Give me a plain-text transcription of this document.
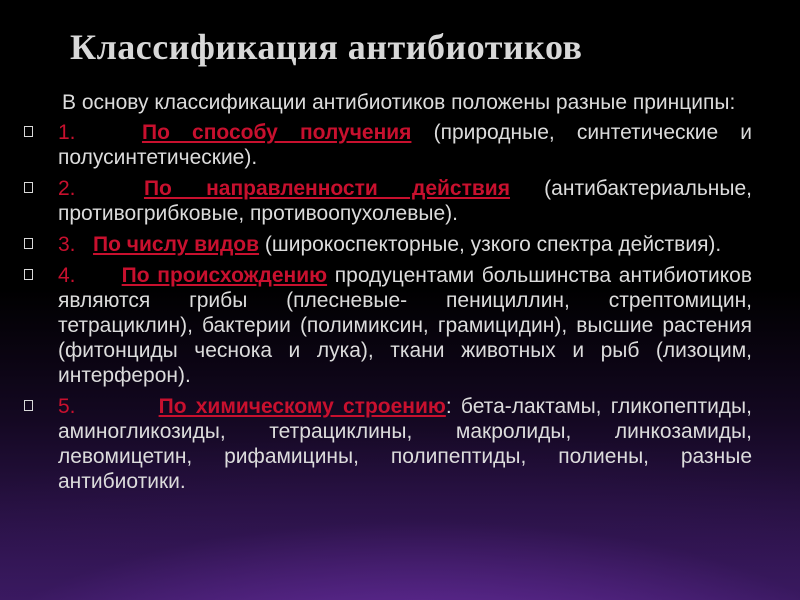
Классификация антибиотиков

В основу классификации антибиотиков положены разные принципы:

1.	По способу получения (природные, синтетические и полусинтетические).
2.	По направленности действия (антибактериальные, противогрибковые, противоопухолевые).
3. По числу видов (широкоспекторные, узкого спектра действия).
4. По происхождению продуцентами большинства антибиотиков являются грибы (плесневые- пенициллин, стрептомицин, тетрациклин), бактерии (полимиксин, грамицидин), высшие растения (фитонциды чеснока и лука), ткани животных и рыб (лизоцим, интерферон).
5.	По химическому строению: бета-лактамы, гликопептиды, аминогликозиды, тетрациклины, макролиды, линкозамиды, левомицетин, рифамицины, полипептиды, полиены, разные антибиотики.
